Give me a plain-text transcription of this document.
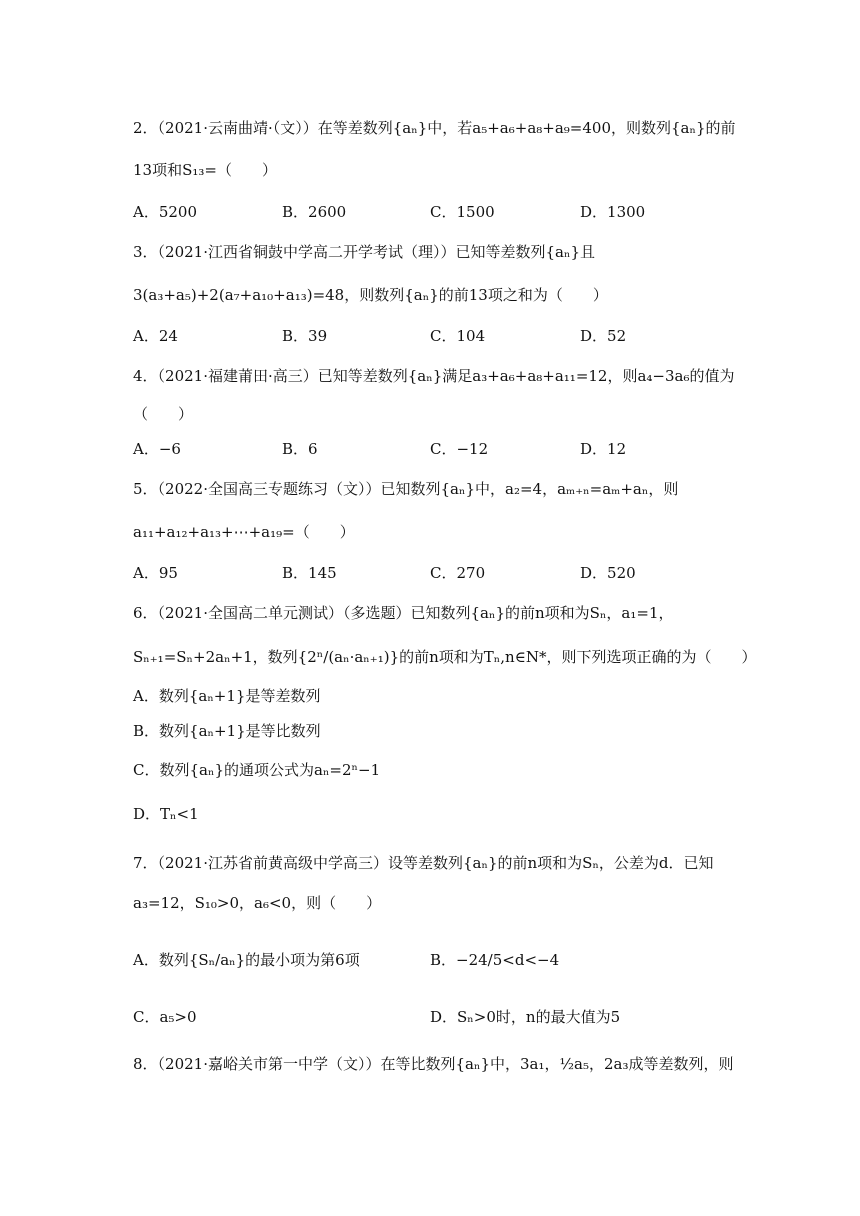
2．（2021·云南曲靖·（文））在等差数列{aₙ}中，若a₅+a₆+a₈+a₉=400，则数列{aₙ}的前
13项和S₁₃=（　　）
A．5200	B．2600	C．1500	D．1300
3．（2021·江西省铜鼓中学高二开学考试（理））已知等差数列{aₙ}且
3(a₃+a₅)+2(a₇+a₁₀+a₁₃)=48，则数列{aₙ}的前13项之和为（　　）
A．24	B．39	C．104	D．52
4．（2021·福建莆田·高三）已知等差数列{aₙ}满足a₃+a₆+a₈+a₁₁=12，则a₄−3a₆的值为
（　　）
A．−6	B．6	C．−12	D．12
5．（2022·全国高三专题练习（文））已知数列{aₙ}中，a₂=4，aₘ₊ₙ=aₘ+aₙ，则
a₁₁+a₁₂+a₁₃+⋯+a₁₉=（　　）
A．95	B．145	C．270	D．520
6．（2021·全国高二单元测试）（多选题）已知数列{aₙ}的前n项和为Sₙ，a₁=1，
Sₙ₊₁=Sₙ+2aₙ+1，数列{2ⁿ/(aₙ·aₙ₊₁)}的前n项和为Tₙ,n∈N*，则下列选项正确的为（　　）
A．数列{aₙ+1}是等差数列
B．数列{aₙ+1}是等比数列
C．数列{aₙ}的通项公式为aₙ=2ⁿ−1
D．Tₙ<1
7．（2021·江苏省前黄高级中学高三）设等差数列{aₙ}的前n项和为Sₙ，公差为d．已知
a₃=12，S₁₀>0，a₆<0，则（　　）
A．数列{Sₙ/aₙ}的最小项为第6项	B．−24/5<d<−4
C．a₅>0	D．Sₙ>0时，n的最大值为5
8．（2021·嘉峪关市第一中学（文））在等比数列{aₙ}中，3a₁，½a₅，2a₃成等差数列，则
